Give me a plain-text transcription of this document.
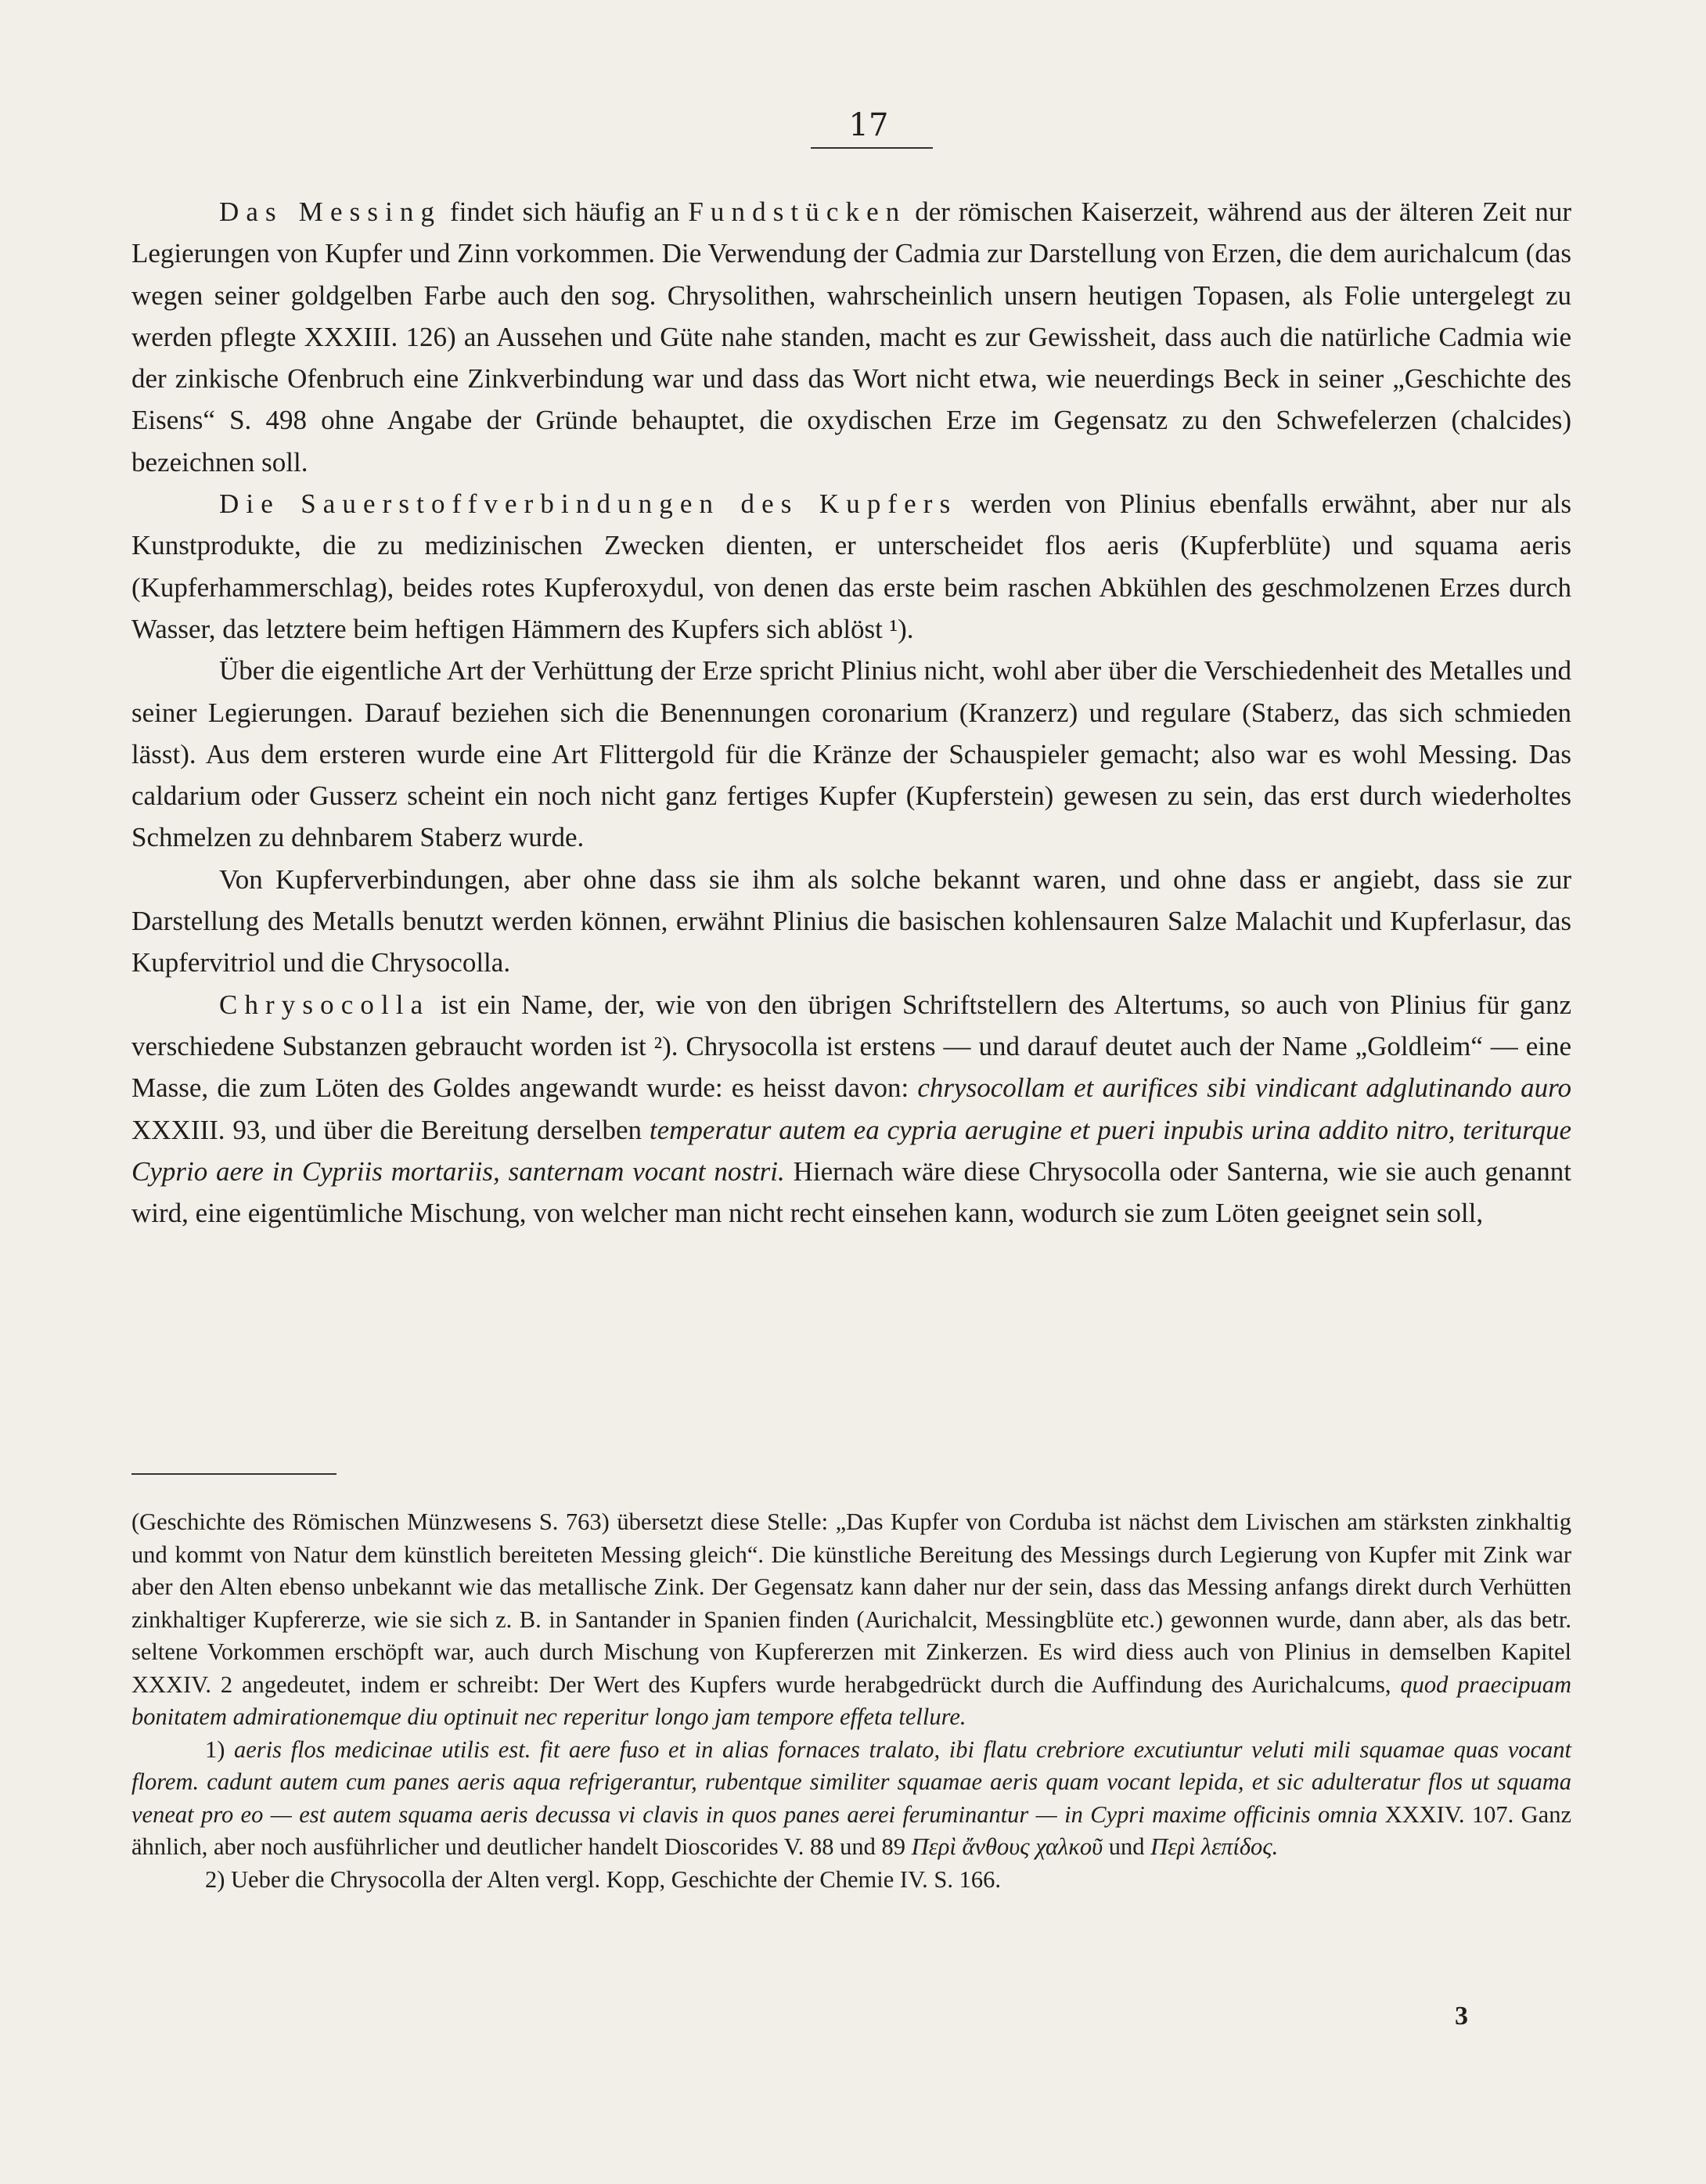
17

Das Messing findet sich häufig an Fundstücken der römischen Kaiserzeit, während aus der älteren Zeit nur Legierungen von Kupfer und Zinn vorkommen. Die Verwendung der Cadmia zur Darstellung von Erzen, die dem aurichalcum (das wegen seiner goldgelben Farbe auch den sog. Chrysolithen, wahrscheinlich unsern heutigen Topasen, als Folie untergelegt zu werden pflegte XXXIII. 126) an Aussehen und Güte nahe standen, macht es zur Gewissheit, dass auch die natürliche Cadmia wie der zinkische Ofenbruch eine Zinkverbindung war und dass das Wort nicht etwa, wie neuerdings Beck in seiner „Geschichte des Eisens“ S. 498 ohne Angabe der Gründe behauptet, die oxydischen Erze im Gegensatz zu den Schwefelerzen (chalcides) bezeichnen soll.

Die Sauerstoffverbindungen des Kupfers werden von Plinius ebenfalls erwähnt, aber nur als Kunstprodukte, die zu medizinischen Zwecken dienten, er unterscheidet flos aeris (Kupferblüte) und squama aeris (Kupferhammerschlag), beides rotes Kupferoxydul, von denen das erste beim raschen Abkühlen des geschmolzenen Erzes durch Wasser, das letztere beim heftigen Hämmern des Kupfers sich ablöst ¹).

Über die eigentliche Art der Verhüttung der Erze spricht Plinius nicht, wohl aber über die Verschiedenheit des Metalles und seiner Legierungen. Darauf beziehen sich die Benennungen coronarium (Kranzerz) und regulare (Staberz, das sich schmieden lässt). Aus dem ersteren wurde eine Art Flittergold für die Kränze der Schauspieler gemacht; also war es wohl Messing. Das caldarium oder Gusserz scheint ein noch nicht ganz fertiges Kupfer (Kupferstein) gewesen zu sein, das erst durch wiederholtes Schmelzen zu dehnbarem Staberz wurde.

Von Kupferverbindungen, aber ohne dass sie ihm als solche bekannt waren, und ohne dass er angiebt, dass sie zur Darstellung des Metalls benutzt werden können, erwähnt Plinius die basischen kohlensauren Salze Malachit und Kupferlasur, das Kupfervitriol und die Chrysocolla.

Chrysocolla ist ein Name, der, wie von den übrigen Schriftstellern des Altertums, so auch von Plinius für ganz verschiedene Substanzen gebraucht worden ist ²). Chrysocolla ist erstens — und darauf deutet auch der Name „Goldleim“ — eine Masse, die zum Löten des Goldes angewandt wurde: es heisst davon: chrysocollam et aurifices sibi vindicant adglutinando auro XXXIII. 93, und über die Bereitung derselben temperatur autem ea cypria aerugine et pueri inpubis urina addito nitro, teriturque Cyprio aere in Cypriis mortariis, santernam vocant nostri. Hiernach wäre diese Chrysocolla oder Santerna, wie sie auch genannt wird, eine eigentümliche Mischung, von welcher man nicht recht einsehen kann, wodurch sie zum Löten geeignet sein soll,

(Geschichte des Römischen Münzwesens S. 763) übersetzt diese Stelle: „Das Kupfer von Corduba ist nächst dem Livischen am stärksten zinkhaltig und kommt von Natur dem künstlich bereiteten Messing gleich“. Die künstliche Bereitung des Messings durch Legierung von Kupfer mit Zink war aber den Alten ebenso unbekannt wie das metallische Zink. Der Gegensatz kann daher nur der sein, dass das Messing anfangs direkt durch Verhütten zinkhaltiger Kupfererze, wie sie sich z. B. in Santander in Spanien finden (Aurichalcit, Messingblüte etc.) gewonnen wurde, dann aber, als das betr. seltene Vorkommen erschöpft war, auch durch Mischung von Kupfererzen mit Zinkerzen. Es wird diess auch von Plinius in demselben Kapitel XXXIV. 2 angedeutet, indem er schreibt: Der Wert des Kupfers wurde herabgedrückt durch die Auffindung des Aurichalcums, quod praecipuam bonitatem admirationemque diu optinuit nec reperitur longo jam tempore effeta tellure.

1) aeris flos medicinae utilis est. fit aere fuso et in alias fornaces tralato, ibi flatu crebriore excutiuntur veluti mili squamae quas vocant florem. cadunt autem cum panes aeris aqua refrigerantur, rubentque similiter squamae aeris quam vocant lepida, et sic adulteratur flos ut squama veneat pro eo — est autem squama aeris decussa vi clavis in quos panes aerei feruminantur — in Cypri maxime officinis omnia XXXIV. 107. Ganz ähnlich, aber noch ausführlicher und deutlicher handelt Dioscorides V. 88 und 89 Περὶ ἄνθους χαλκοῦ und Περὶ λεπίδος.

2) Ueber die Chrysocolla der Alten vergl. Kopp, Geschichte der Chemie IV. S. 166.

3
